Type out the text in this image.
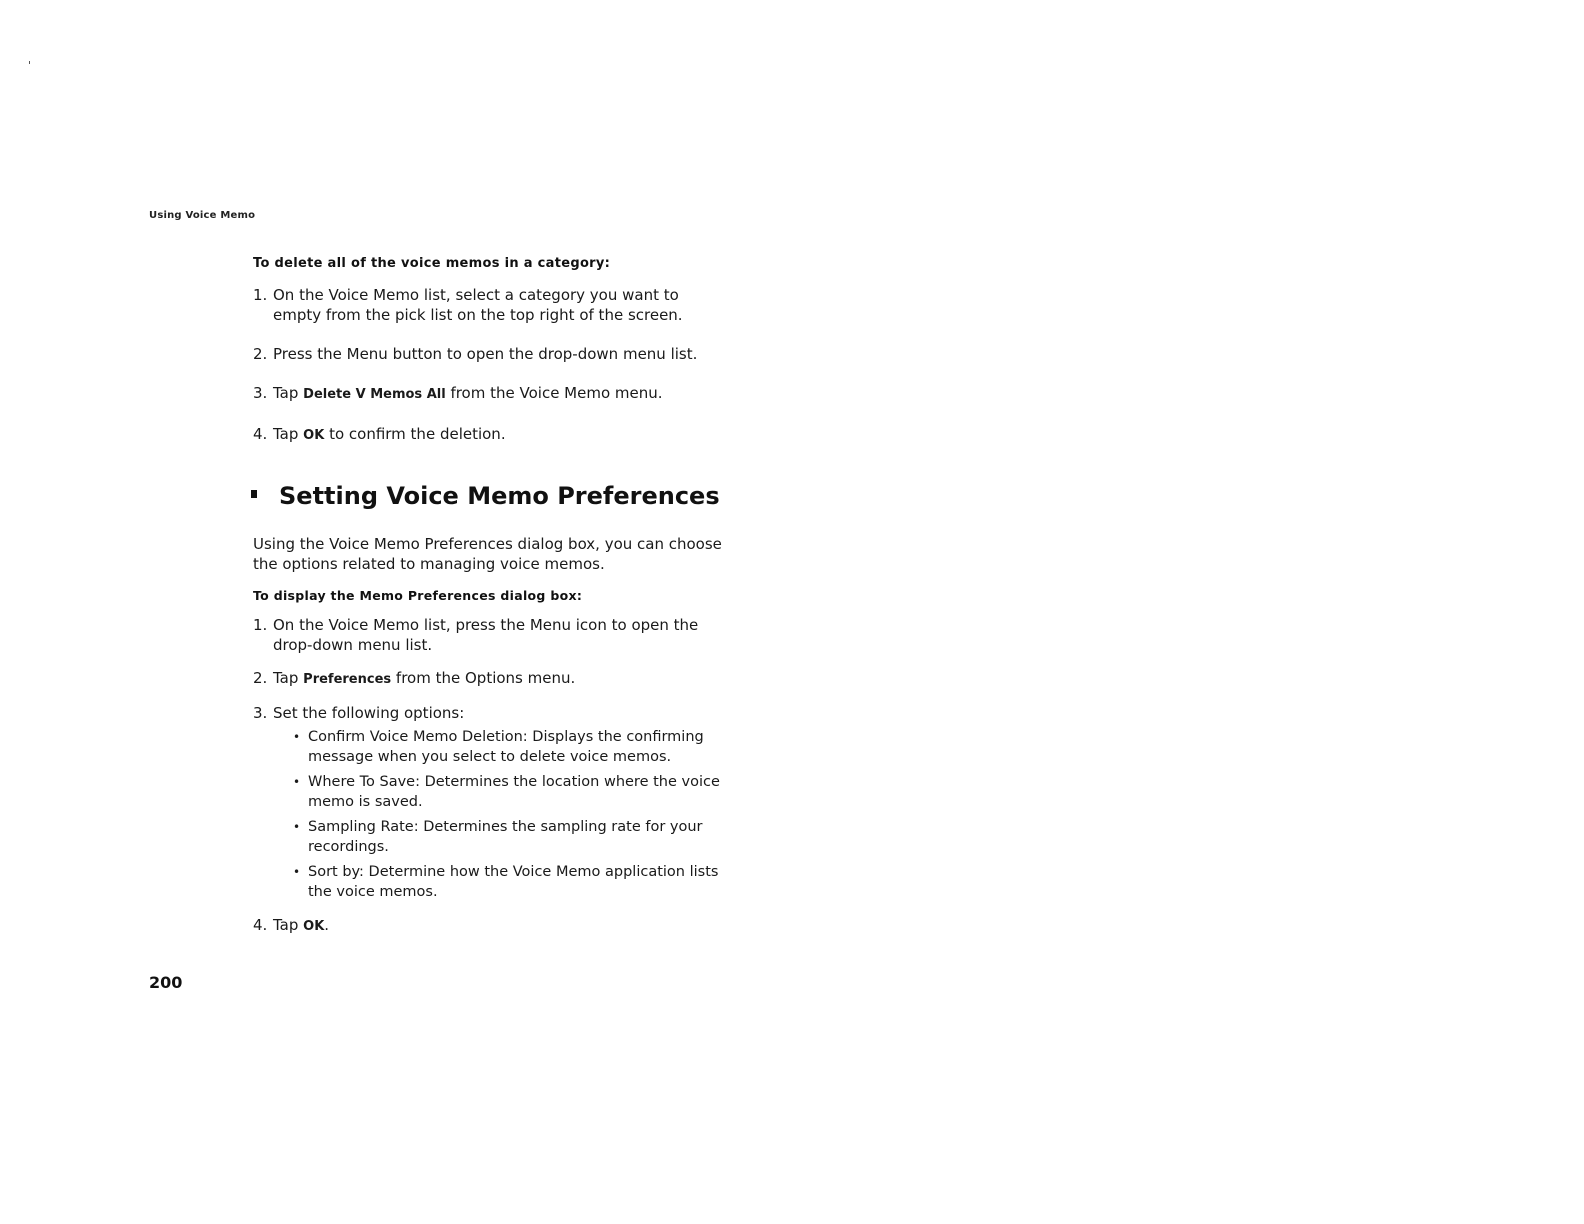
Using Voice Memo
To delete all of the voice memos in a category:
1. On the Voice Memo list, select a category you want to empty from the pick list on the top right of the screen.
2. Press the Menu button to open the drop-down menu list.
3. Tap Delete V Memos All from the Voice Memo menu.
4. Tap OK to confirm the deletion.
Setting Voice Memo Preferences

Using the Voice Memo Preferences dialog box, you can choose the options related to managing voice memos.

To display the Memo Preferences dialog box:
1. On the Voice Memo list, press the Menu icon to open the drop-down menu list.
2. Tap Preferences from the Options menu.
3. Set the following options:
• Confirm Voice Memo Deletion: Displays the confirming message when you select to delete voice memos.
• Where To Save: Determines the location where the voice memo is saved.
• Sampling Rate: Determines the sampling rate for your recordings.
• Sort by: Determine how the Voice Memo application lists the voice memos.
4. Tap OK.
200
